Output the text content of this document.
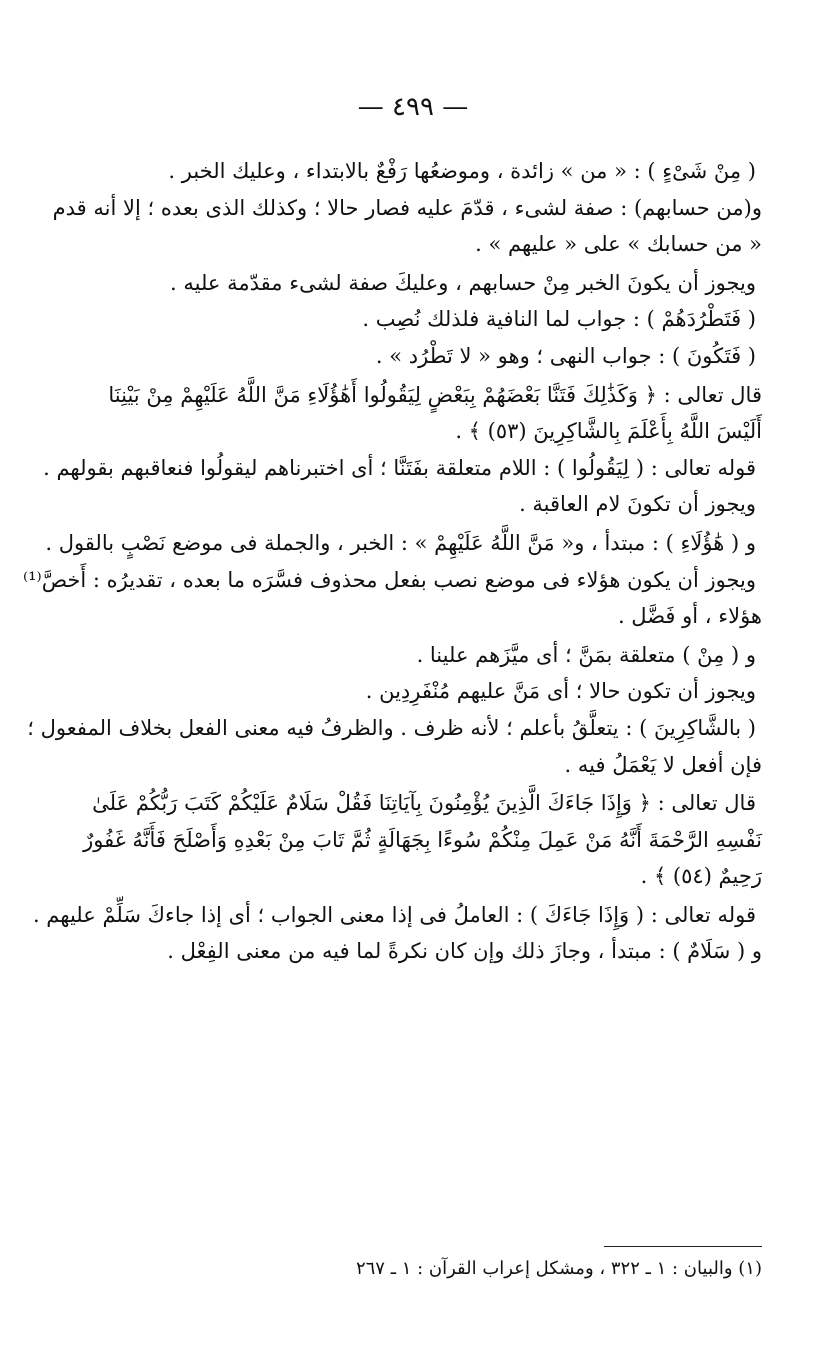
— ٤٩٩ —
( مِنْ شَىْءٍ ) : « من » زائدة ، وموضعُها رَفْعٌ بالابتداء ، وعليك الخبر .
و(من حسابهم) : صفة لشىء ، قدّمَ عليه فصار حالا ؛ وكذلك الذى بعده ؛ إلا أنه قدم
« من حسابك » على « عليهم » .
ويجوز أن يكونَ الخبر مِنْ حسابهم ، وعليكَ صفة لشىء مقدّمة عليه .
( فَتَطْرُدَهُمْ ) : جواب لما النافية فلذلك نُصِب .
( فَتَكُونَ ) : جواب النهى ؛ وهو « لا تَطْرُد » .
قال تعالى : ﴿ وَكَذَٰلِكَ فَتَنَّا بَعْضَهُمْ بِبَعْضٍ لِيَقُولُوا أَهَٰؤُلَاءِ مَنَّ اللَّهُ عَلَيْهِمْ مِنْ بَيْنِنَا
أَلَيْسَ اللَّهُ بِأَعْلَمَ بِالشَّاكِرِينَ (٥٣) ﴾ .
قوله تعالى : ( لِيَقُولُوا ) : اللام متعلقة بفَتَنَّا ؛ أى اختبرناهم ليقولُوا فنعاقبهم بقولهم .
ويجوز أن تكونَ لام العاقبة .
و ( هَٰؤُلَاءِ ) : مبتدأ ، و« مَنَّ اللَّهُ عَلَيْهِمْ » : الخبر ، والجملة فى موضع نَصْبٍ بالقول .
ويجوز أن يكون هؤلاء فى موضع نصب بفعل محذوف فسَّرَه ما بعده ، تقديرُه : أَخصَّ⁽¹⁾
هؤلاء ، أو فَضَّل .
و ( مِنْ ) متعلقة بمَنَّ ؛ أى ميَّزَهم علينا .
ويجوز أن تكون حالا ؛ أى مَنَّ عليهم مُنْفَرِدِين .
( بالشَّاكِرِينَ ) : يتعلَّقُ بأعلم ؛ لأنه ظرف . والظرفُ فيه معنى الفعل بخلاف المفعول ؛
فإن أفعل لا يَعْمَلُ فيه .
قال تعالى : ﴿ وَإِذَا جَاءَكَ الَّذِينَ يُؤْمِنُونَ بِآيَاتِنَا فَقُلْ سَلَامٌ عَلَيْكُمْ كَتَبَ رَبُّكُمْ عَلَىٰ
نَفْسِهِ الرَّحْمَةَ أَنَّهُ مَنْ عَمِلَ مِنْكُمْ سُوءًا بِجَهَالَةٍ ثُمَّ تَابَ مِنْ بَعْدِهِ وَأَصْلَحَ فَأَنَّهُ غَفُورٌ
رَحِيمٌ (٥٤) ﴾ .
قوله تعالى : ( وَإِذَا جَاءَكَ ) : العاملُ فى إذا معنى الجواب ؛ أى إذا جاءكَ سَلِّمْ عليهم .
و ( سَلَامٌ ) : مبتدأ ، وجازَ ذلك وإن كان نكرةً لما فيه من معنى الفِعْل .
(١) والبيان : ١ ـ ٣٢٢ ، ومشكل إعراب القرآن : ١ ـ ٢٦٧
